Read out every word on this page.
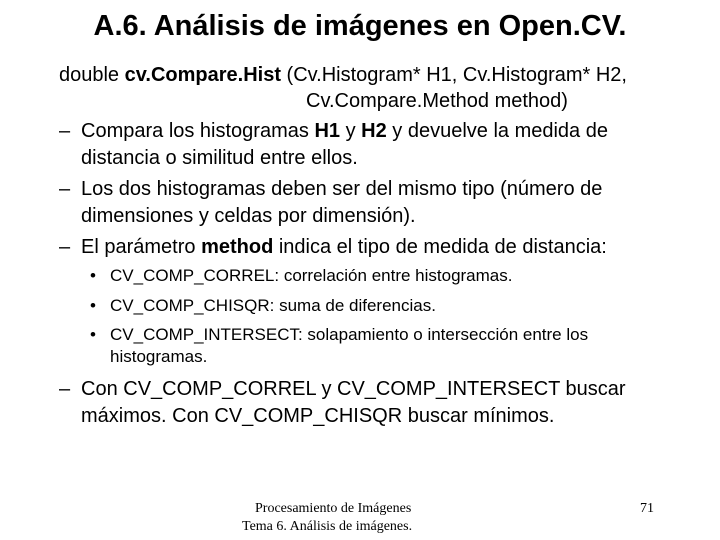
A.6. Análisis de imágenes en Open.CV.
double cv.Compare.Hist (Cv.Histogram* H1, Cv.Histogram* H2,
Cv.Compare.Method method)
– Compara los histogramas H1 y H2 y devuelve la medida de
distancia o similitud entre ellos.
– Los dos histogramas deben ser del mismo tipo (número de
dimensiones y celdas por dimensión).
– El parámetro method indica el tipo de medida de distancia:
• CV_COMP_CORREL: correlación entre histogramas.
• CV_COMP_CHISQR: suma de diferencias.
• CV_COMP_INTERSECT: solapamiento o intersección entre los
histogramas.
– Con CV_COMP_CORREL y CV_COMP_INTERSECT buscar
máximos. Con CV_COMP_CHISQR buscar mínimos.
Procesamiento de Imágenes
Tema 6. Análisis de imágenes.
71
